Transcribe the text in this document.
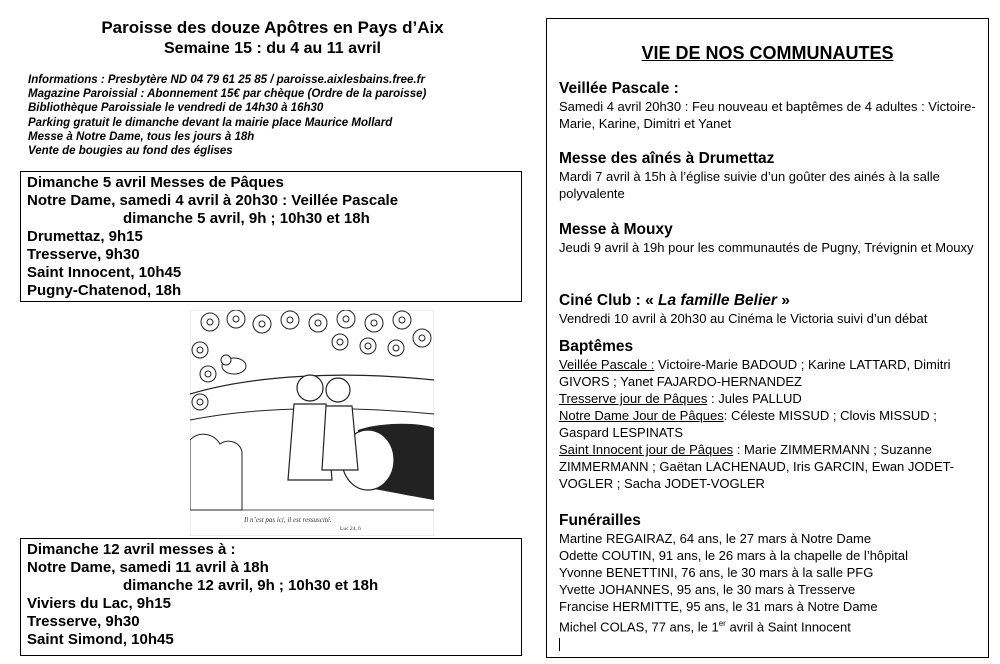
Paroisse des douze Apôtres en Pays d’Aix
Semaine 15 : du 4 au 11 avril
Informations : Presbytère ND 04 79 61 25 85 / paroisse.aixlesbains.free.fr
Magazine Paroissial : Abonnement 15€ par chèque (Ordre de la paroisse)
Bibliothèque Paroissiale le vendredi de 14h30 à 16h30
Parking gratuit le dimanche devant la mairie place Maurice Mollard
Messe à Notre Dame, tous les jours à 18h
Vente de bougies au fond des églises
Dimanche 5 avril Messes de Pâques
Notre Dame, samedi 4 avril à 20h30 : Veillée Pascale
dimanche 5 avril, 9h ; 10h30 et 18h
Drumettaz, 9h15
Tresserve, 9h30
Saint Innocent, 10h45
Pugny-Chatenod, 18h
Il n’est pas ici, il est ressuscité.
Luc 24, 6
Dimanche 12 avril messes à :
Notre Dame, samedi 11 avril à 18h
dimanche 12 avril, 9h ; 10h30 et 18h
Viviers du Lac, 9h15
Tresserve, 9h30
Saint Simond, 10h45
VIE DE NOS COMMUNAUTES
Veillée Pascale :

Samedi 4 avril 20h30 : Feu nouveau et baptêmes de 4 adultes : Victoire-Marie, Karine, Dimitri et Yanet

Messe des aînés à Drumettaz

Mardi 7 avril à 15h à l’église suivie d’un goûter des ainés à la salle polyvalente

Messe à Mouxy

Jeudi 9 avril à 19h pour les communautés de Pugny, Trévignin et Mouxy

Ciné Club : « La famille Belier »

Vendredi 10 avril à 20h30 au Cinéma le Victoria suivi d’un débat

Baptêmes

Veillée Pascale : Victoire-Marie BADOUD ; Karine LATTARD, Dimitri GIVORS ; Yanet FAJARDO-HERNANDEZ

Tresserve jour de Pâques : Jules PALLUD

Notre Dame Jour de Pâques: Céleste MISSUD ; Clovis MISSUD ; Gaspard LESPINATS

Saint Innocent jour de Pâques : Marie ZIMMERMANN ; Suzanne ZIMMERMANN ; Gaëtan LACHENAUD, Iris GARCIN, Ewan JODET-VOGLER ; Sacha JODET-VOGLER

Funérailles
Martine REGAIRAZ, 64 ans, le 27 mars à Notre Dame
Odette COUTIN, 91 ans, le 26 mars à la chapelle de l’hôpital
Yvonne BENETTINI, 76 ans, le 30 mars à la salle PFG
Yvette JOHANNES, 95 ans, le 30 mars à Tresserve
Francise HERMITTE, 95 ans, le 31 mars à Notre Dame
Michel COLAS, 77 ans, le 1er avril à Saint Innocent
